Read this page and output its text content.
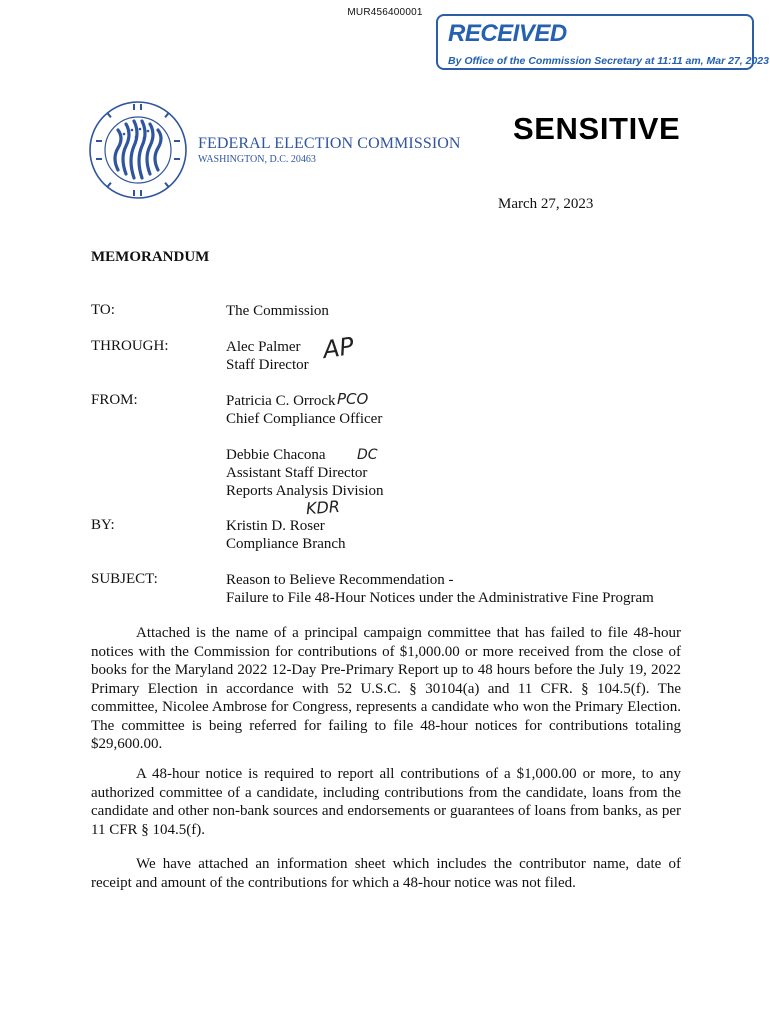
MUR456400001
RECEIVED
By Office of the Commission Secretary at 11:11 am, Mar 27, 2023
FEDERAL ELECTION COMMISSION
WASHINGTON, D.C. 20463
SENSITIVE
March 27, 2023
MEMORANDUM
TO:	The Commission
THROUGH:	Alec Palmer
Staff Director
AP
FROM:	Patricia C. Orrock
Chief Compliance Officer
PCO
Debbie Chacona
Assistant Staff Director
Reports Analysis Division
DC
KDR
BY:	Kristin D. Roser
Compliance Branch
SUBJECT:	Reason to Believe Recommendation -
Failure to File 48-Hour Notices under the Administrative Fine Program

Attached is the name of a principal campaign committee that has failed to file 48-hour notices with the Commission for contributions of $1,000.00 or more received from the close of books for the Maryland 2022 12-Day Pre-Primary Report up to 48 hours before the July 19, 2022 Primary Election in accordance with 52 U.S.C. § 30104(a) and 11 CFR. § 104.5(f). The committee, Nicolee Ambrose for Congress, represents a candidate who won the Primary Election. The committee is being referred for failing to file 48-hour notices for contributions totaling $29,600.00.

A 48-hour notice is required to report all contributions of a $1,000.00 or more, to any authorized committee of a candidate, including contributions from the candidate, loans from the candidate and other non-bank sources and endorsements or guarantees of loans from banks, as per 11 CFR § 104.5(f).

We have attached an information sheet which includes the contributor name, date of receipt and amount of the contributions for which a 48-hour notice was not filed.
